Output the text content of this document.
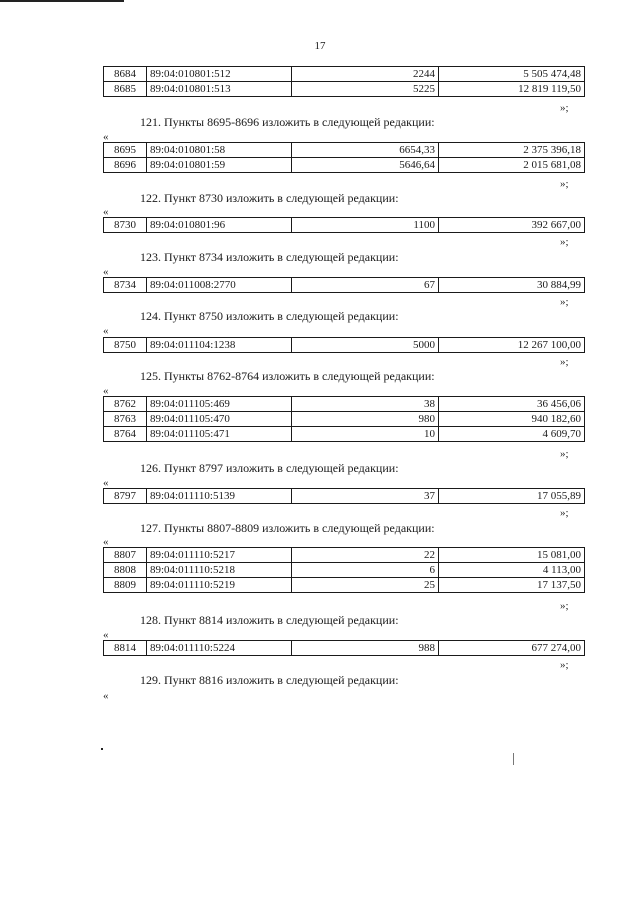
17
8684	89:04:010801:512	2244	5 505 474,48
8685	89:04:010801:513	5225	12 819 119,50
»;
121. Пункты 8695-8696 изложить в следующей редакции:
«
8695	89:04:010801:58	6654,33	2 375 396,18
8696	89:04:010801:59	5646,64	2 015 681,08
»;
122. Пункт 8730 изложить в следующей редакции:
«
8730	89:04:010801:96	1100	392 667,00
»;
123. Пункт 8734 изложить в следующей редакции:
«
8734	89:04:011008:2770	67	30 884,99
»;
124. Пункт 8750 изложить в следующей редакции:
«
8750	89:04:011104:1238	5000	12 267 100,00
»;
125. Пункты 8762-8764 изложить в следующей редакции:
«
8762	89:04:011105:469	38	36 456,06
8763	89:04:011105:470	980	940 182,60
8764	89:04:011105:471	10	4 609,70
»;
126. Пункт 8797 изложить в следующей редакции:
«
8797	89:04:011110:5139	37	17 055,89
»;
127. Пункты 8807-8809 изложить в следующей редакции:
«
8807	89:04:011110:5217	22	15 081,00
8808	89:04:011110:5218	6	4 113,00
8809	89:04:011110:5219	25	17 137,50
»;
128. Пункт 8814 изложить в следующей редакции:
«
8814	89:04:011110:5224	988	677 274,00
»;
129. Пункт 8816 изложить в следующей редакции:
«
